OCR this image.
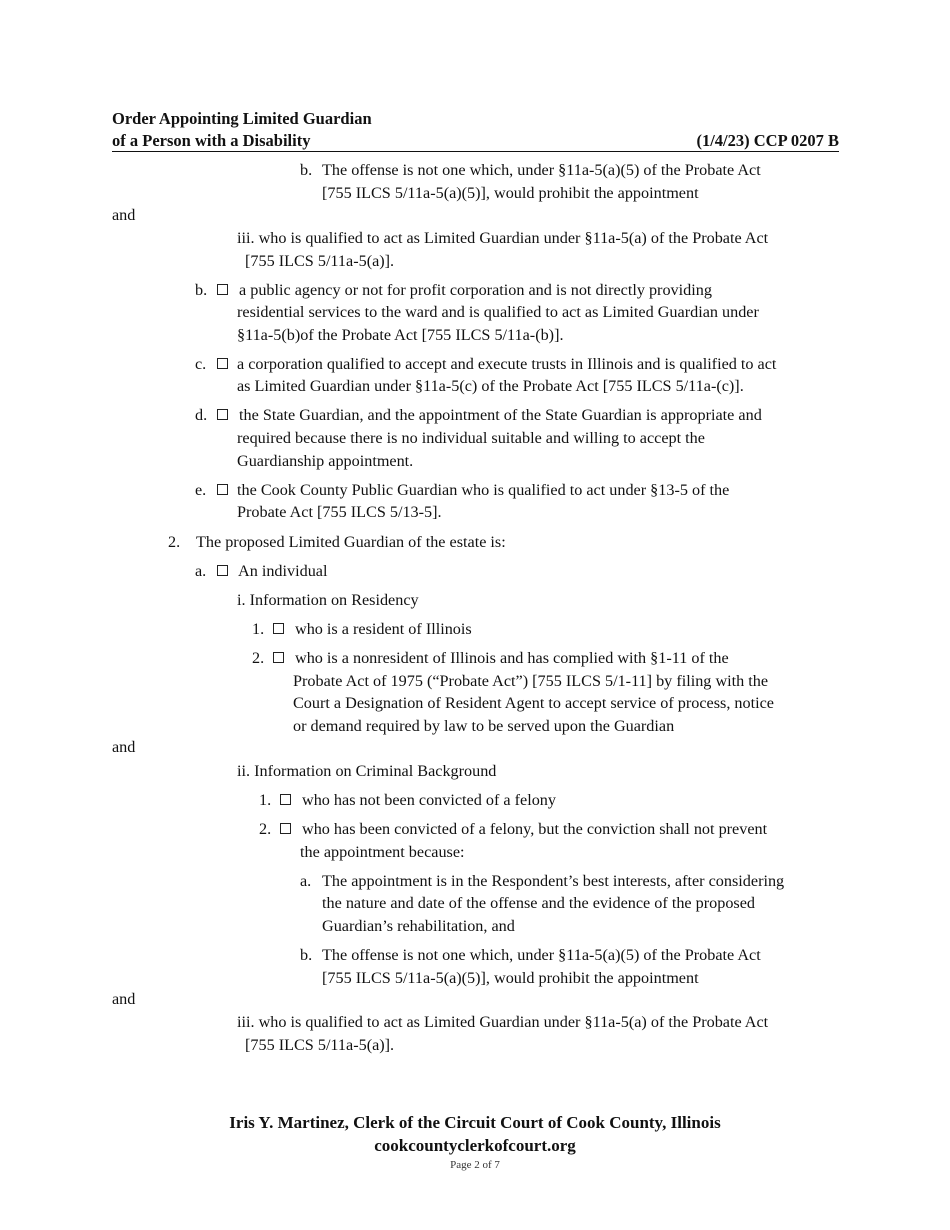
Order Appointing Limited Guardian
of a Person with a Disability	(1/4/23) CCP 0207 B
b. The offense is not one which, under §11a-5(a)(5) of the Probate Act
[755 ILCS 5/11a-5(a)(5)], would prohibit the appointment
and
iii. who is qualified to act as Limited Guardian under §11a-5(a) of the Probate Act
[755 ILCS 5/11a-5(a)].
b. a public agency or not for profit corporation and is not directly providing
residential services to the ward and is qualified to act as Limited Guardian under
§11a-5(b)of the Probate Act [755 ILCS 5/11a-(b)].
c. a corporation qualified to accept and execute trusts in Illinois and is qualified to act
as Limited Guardian under §11a-5(c) of the Probate Act [755 ILCS 5/11a-(c)].
d. the State Guardian, and the appointment of the State Guardian is appropriate and
required because there is no individual suitable and willing to accept the
Guardianship appointment.
e. the Cook County Public Guardian who is qualified to act under §13-5 of the
Probate Act [755 ILCS 5/13-5].
2. The proposed Limited Guardian of the estate is:
a. An individual
i. Information on Residency
1. who is a resident of Illinois
2. who is a nonresident of Illinois and has complied with §1-11 of the
Probate Act of 1975 (“Probate Act”) [755 ILCS 5/1-11] by filing with the
Court a Designation of Resident Agent to accept service of process, notice
or demand required by law to be served upon the Guardian
and
ii. Information on Criminal Background
1. who has not been convicted of a felony
2. who has been convicted of a felony, but the conviction shall not prevent
the appointment because:
a. The appointment is in the Respondent’s best interests, after considering
the nature and date of the offense and the evidence of the proposed
Guardian’s rehabilitation, and
b. The offense is not one which, under §11a-5(a)(5) of the Probate Act
[755 ILCS 5/11a-5(a)(5)], would prohibit the appointment
and
iii. who is qualified to act as Limited Guardian under §11a-5(a) of the Probate Act
[755 ILCS 5/11a-5(a)].
Iris Y. Martinez, Clerk of the Circuit Court of Cook County, Illinois
cookcountyclerkofcourt.org
Page 2 of 7
